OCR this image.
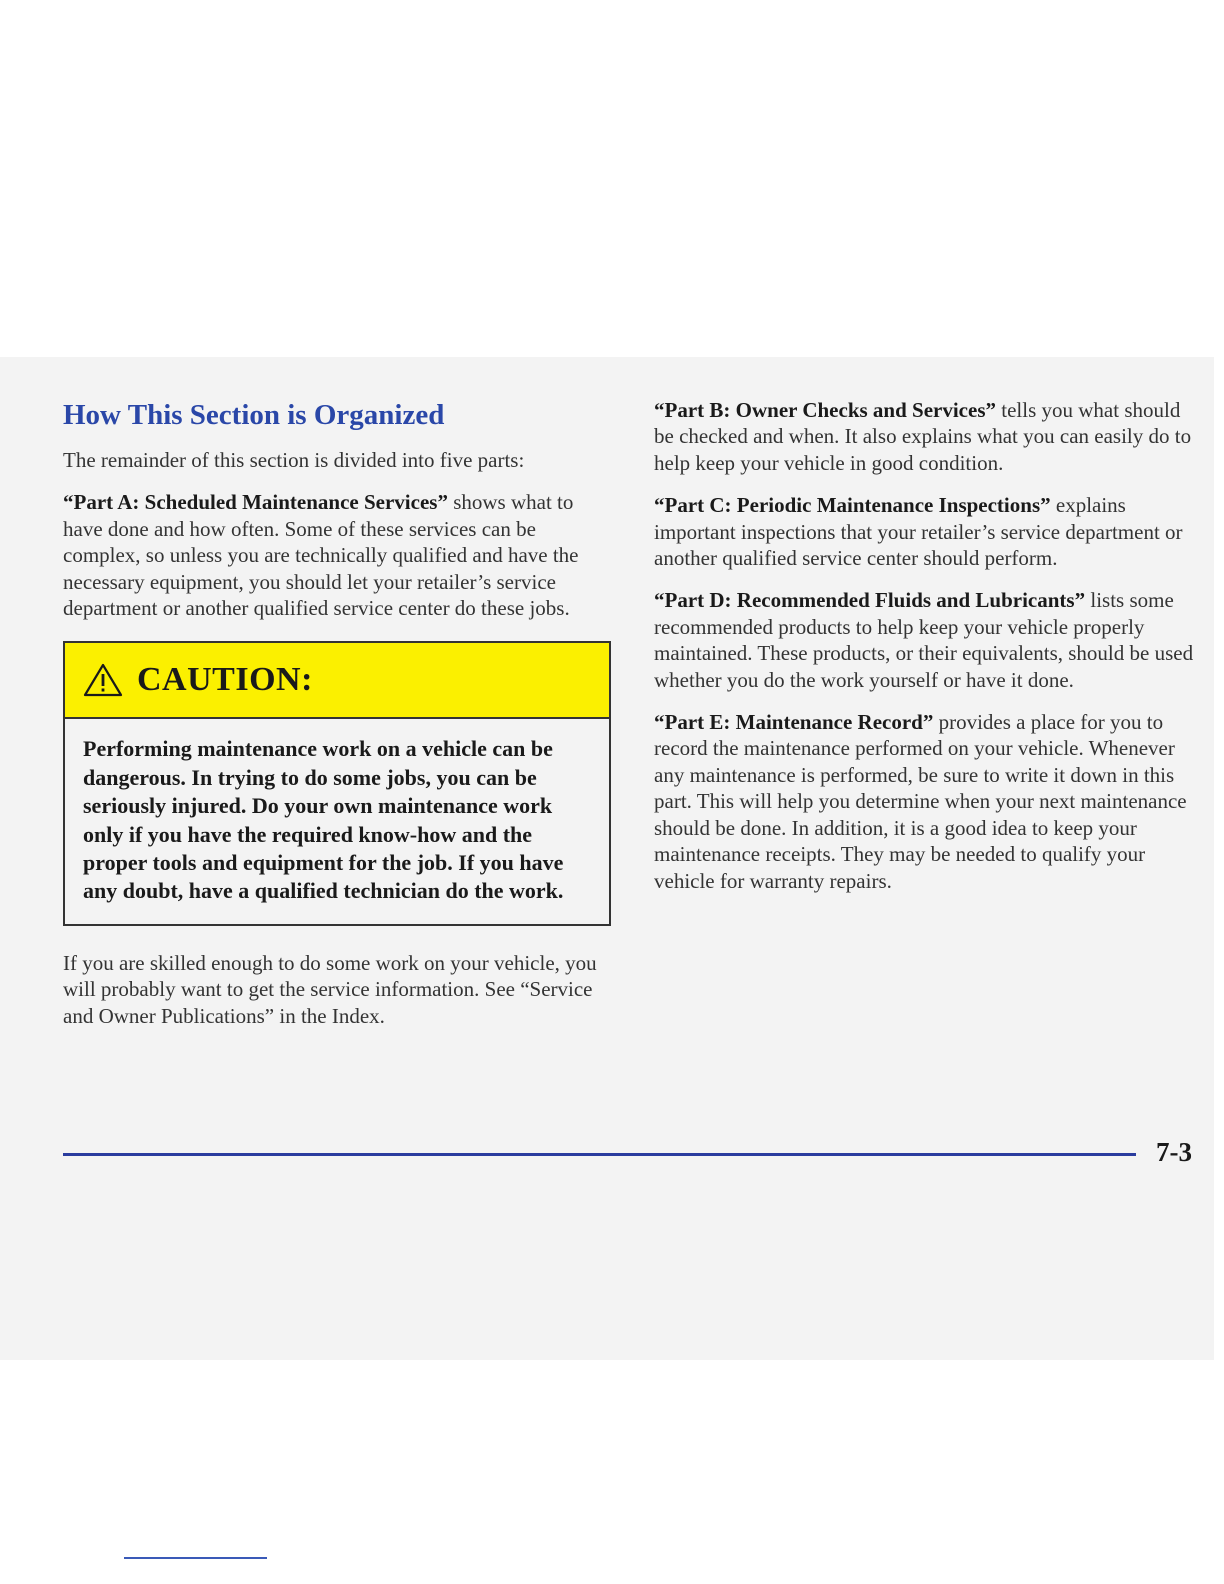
How This Section is Organized

The remainder of this section is divided into five parts:

“Part A: Scheduled Maintenance Services” shows what to have done and how often. Some of these services can be complex, so unless you are technically qualified and have the necessary equipment, you should let your retailer’s service department or another qualified service center do these jobs.

CAUTION:
Performing maintenance work on a vehicle can be dangerous. In trying to do some jobs, you can be seriously injured. Do your own maintenance work only if you have the required know-how and the proper tools and equipment for the job. If you have any doubt, have a qualified technician do the work.

If you are skilled enough to do some work on your vehicle, you will probably want to get the service information. See “Service and Owner Publications” in the Index.

“Part B: Owner Checks and Services” tells you what should be checked and when. It also explains what you can easily do to help keep your vehicle in good condition.

“Part C: Periodic Maintenance Inspections” explains important inspections that your retailer’s service department or another qualified service center should perform.

“Part D: Recommended Fluids and Lubricants” lists some recommended products to help keep your vehicle properly maintained. These products, or their equivalents, should be used whether you do the work yourself or have it done.

“Part E: Maintenance Record” provides a place for you to record the maintenance performed on your vehicle. Whenever any maintenance is performed, be sure to write it down in this part. This will help you determine when your next maintenance should be done. In addition, it is a good idea to keep your maintenance receipts. They may be needed to qualify your vehicle for warranty repairs.

7-3
